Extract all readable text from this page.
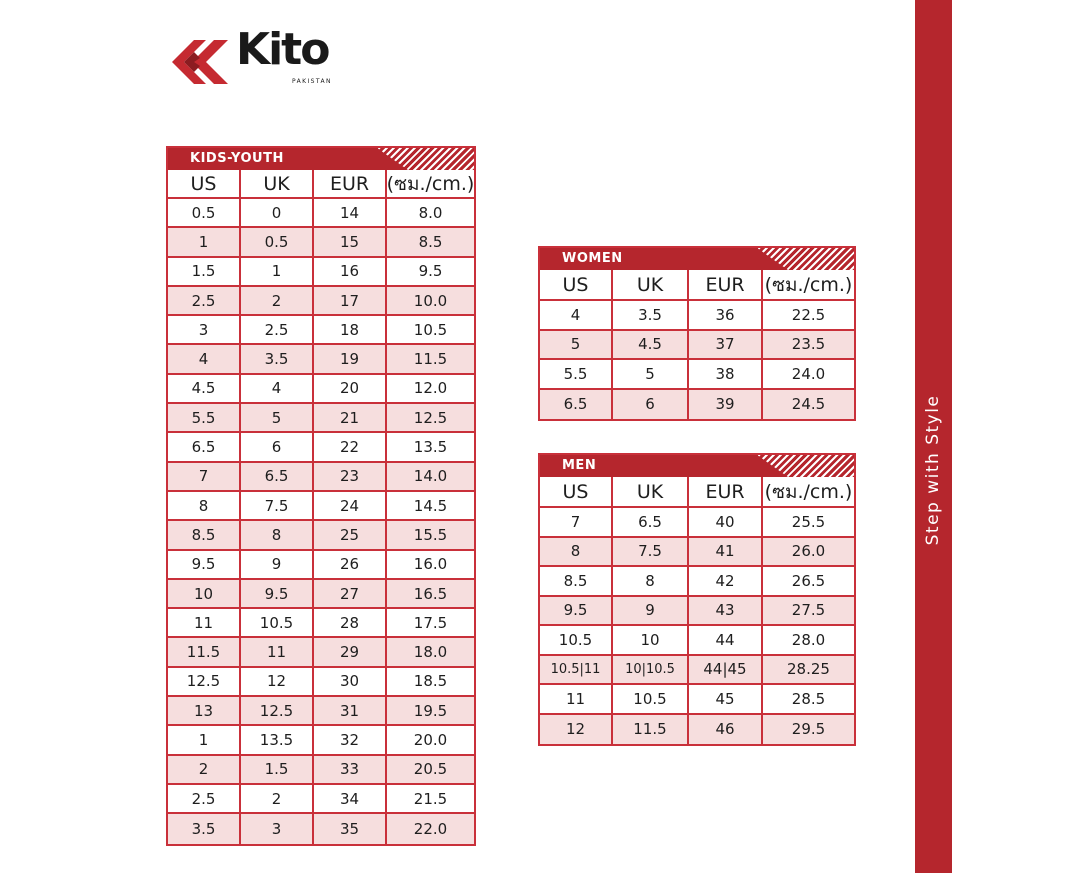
Kito
PAKISTAN
KIDS-YOUTH
US	UK	EUR (ซม./cm.)
0.5	0	14	8.0
1	0.5	15	8.5
1.5	1	16	9.5
2.5	2	17	10.0
3	2.5	18	10.5
4	3.5	19	11.5
4.5	4	20	12.0
5.5	5	21	12.5
6.5	6	22	13.5
7	6.5	23	14.0
8	7.5	24	14.5
8.5	8	25	15.5
9.5	9	26	16.0
10	9.5	27	16.5
11	10.5	28	17.5
11.5	11	29	18.0
12.5	12	30	18.5
13	12.5	31	19.5
1	13.5	32	20.0
2	1.5	33	20.5
2.5	2	34	21.5
3.5	3	35	22.0
WOMEN
US	UK	EUR	(ซม./cm.)
4	3.5	36	22.5
5	4.5	37	23.5
5.5	5	38	24.0
6.5	6	39	24.5
MEN
US	UK	EUR	(ซม./cm.)
7	6.5	40	25.5
8	7.5	41	26.0
8.5	8	42	26.5
9.5	9	43	27.5
10.5	10	44	28.0
10.5|11	10|10.5	44|45	28.25
11	10.5	45	28.5
12	11.5	46	29.5
Step with Style
